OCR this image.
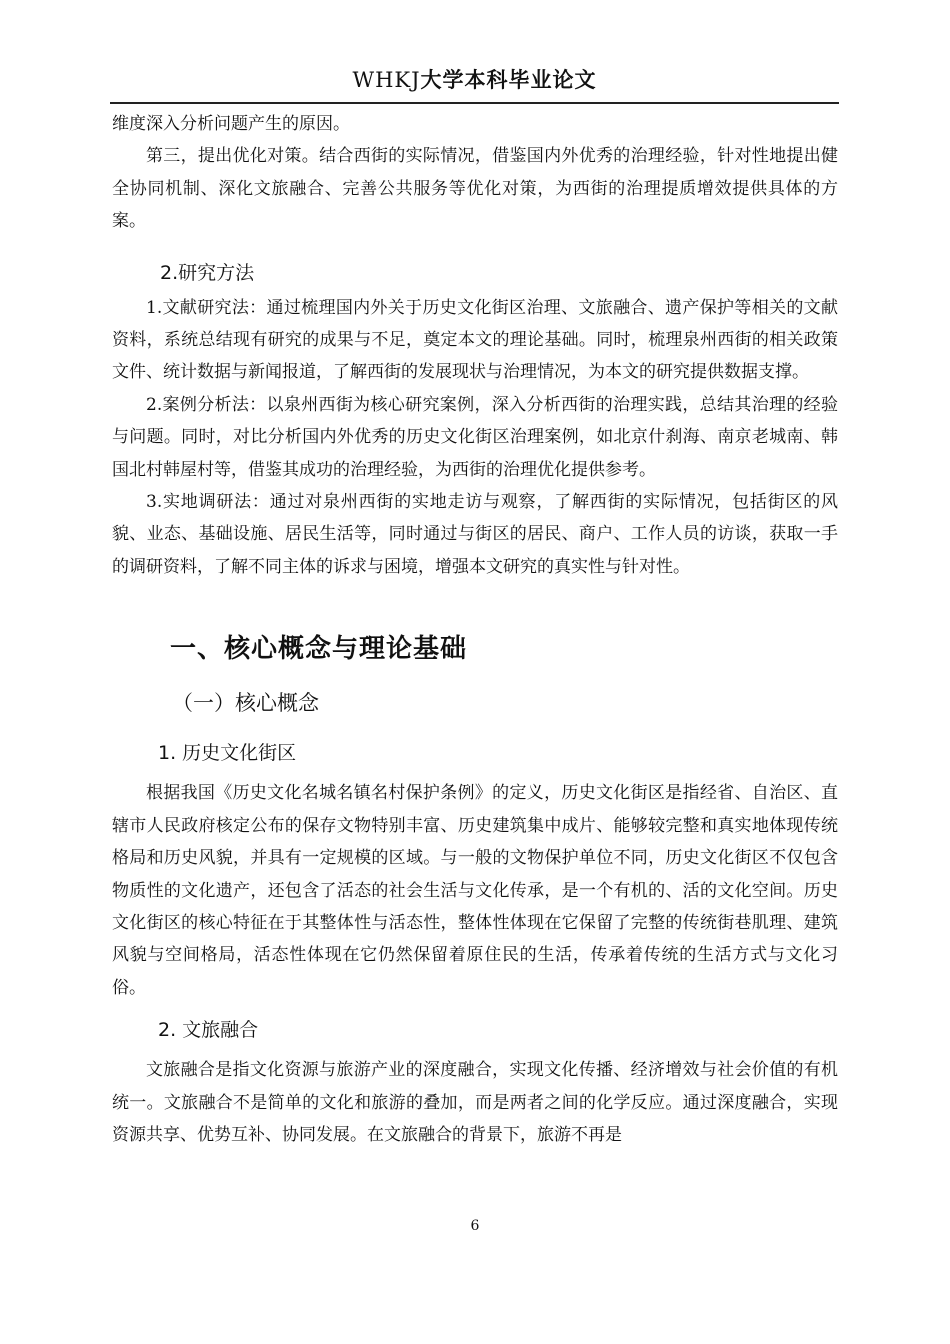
WHKJ大学本科毕业论文

维度深入分析问题产生的原因。

第三，提出优化对策。结合西街的实际情况，借鉴国内外优秀的治理经验，针对性地提出健全协同机制、深化文旅融合、完善公共服务等优化对策，为西街的治理提质增效提供具体的方案。

2.研究方法

1.文献研究法：通过梳理国内外关于历史文化街区治理、文旅融合、遗产保护等相关的文献资料，系统总结现有研究的成果与不足，奠定本文的理论基础。同时，梳理泉州西街的相关政策文件、统计数据与新闻报道，了解西街的发展现状与治理情况，为本文的研究提供数据支撑。

2.案例分析法：以泉州西街为核心研究案例，深入分析西街的治理实践，总结其治理的经验与问题。同时，对比分析国内外优秀的历史文化街区治理案例，如北京什刹海、南京老城南、韩国北村韩屋村等，借鉴其成功的治理经验，为西街的治理优化提供参考。

3.实地调研法：通过对泉州西街的实地走访与观察，了解西街的实际情况，包括街区的风貌、业态、基础设施、居民生活等，同时通过与街区的居民、商户、工作人员的访谈，获取一手的调研资料，了解不同主体的诉求与困境，增强本文研究的真实性与针对性。

一、核心概念与理论基础
（一）核心概念
1. 历史文化街区

根据我国《历史文化名城名镇名村保护条例》的定义，历史文化街区是指经省、自治区、直辖市人民政府核定公布的保存文物特别丰富、历史建筑集中成片、能够较完整和真实地体现传统格局和历史风貌，并具有一定规模的区域。与一般的文物保护单位不同，历史文化街区不仅包含物质性的文化遗产，还包含了活态的社会生活与文化传承，是一个有机的、活的文化空间。历史文化街区的核心特征在于其整体性与活态性，整体性体现在它保留了完整的传统街巷肌理、建筑风貌与空间格局，活态性体现在它仍然保留着原住民的生活，传承着传统的生活方式与文化习俗。

2. 文旅融合

文旅融合是指文化资源与旅游产业的深度融合，实现文化传播、经济增效与社会价值的有机统一。文旅融合不是简单的文化和旅游的叠加，而是两者之间的化学反应。通过深度融合，实现资源共享、优势互补、协同发展。在文旅融合的背景下，旅游不再是

6
